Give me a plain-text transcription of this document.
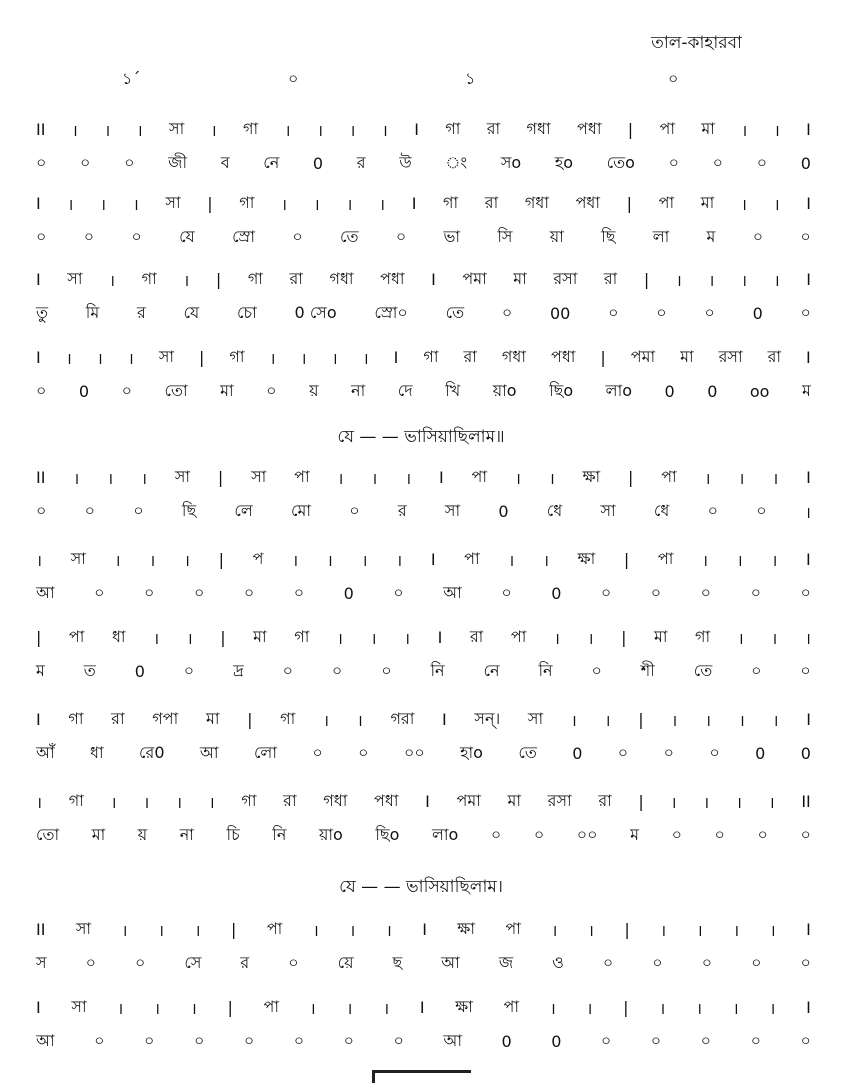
তাল-কাহারবা
১´	০	১	০
II । । । সা । গা । । । । I গা রা গধা পধা | পা মা । । I
০ ০ ০ জী ব নে 0 র উ ং সo হo তেo ০ ০ ০ 0
I । । । সা | গা । । । । I গা রা গধা পধা | পা মা । । I
০ ০ ০ যে স্রো ০ তে ০ ভা সি য়া ছি লা ম ০ ০
I সা । গা । | গা রা গধা পধা I পমা মা রসা রা | । । । । I
তু মি র যে চো 0 সেo স্রো০ তে ০ 00 ০ ০ ০ 0 ০
I । । । সা | গা । । । । I গা রা গধা পধা | পমা মা রসা রা I
০ 0 ০ তো মা ০ য় না দে খি য়াo ছিo লাo 0 0 oo ম
যে — — ভাসিয়াছিলাম॥
II । । । সা | সা পা । । । I পা । । ক্ষা | পা । । । I
০ ০ ০ ছি লে মো ০ র সা 0 ধে সা ধে ০ ০ ।
। সা । । । | প । । । । I পা । । ক্ষা | পা । । । I
আ ০ ০ ০ ০ ০ 0 ০ আ ০ 0 ০ ০ ০ ০ ০
| পা ধা । । | মা গা । । । I রা পা । । | মা গা । । ।
ম ত 0 ০ দ্র ০ ০ ০ নি নে নি ০ শী তে ০ ০
I গা রা গপা মা | গা । । গরা I সন্। সা । । | । । । । I
আঁ ধা রে0 আ লো ০ ০ ০০ হাo তে 0 ০ ০ ০ 0 0
। গা । । । । গা রা গধা পধা I পমা মা রসা রা | । । । । II
তো মা য় না চি নি য়াo ছিo লাo ০ ০ ০০ ম ০ ০ ০ ০
যে — — ভাসিয়াছিলাম।
II সা । । । | পা । । । I ক্ষা পা । । | । । । । I
স ০ ০ সে র ০ য়ে ছ আ জ ও ০ ০ ০ ০ ০
I সা । । । | পা । । । I ক্ষা পা । । | । । । । I
আ ০ ০ ০ ০ ০ ০ ০ আ 0 0 ০ ০ ০ ০ ০
